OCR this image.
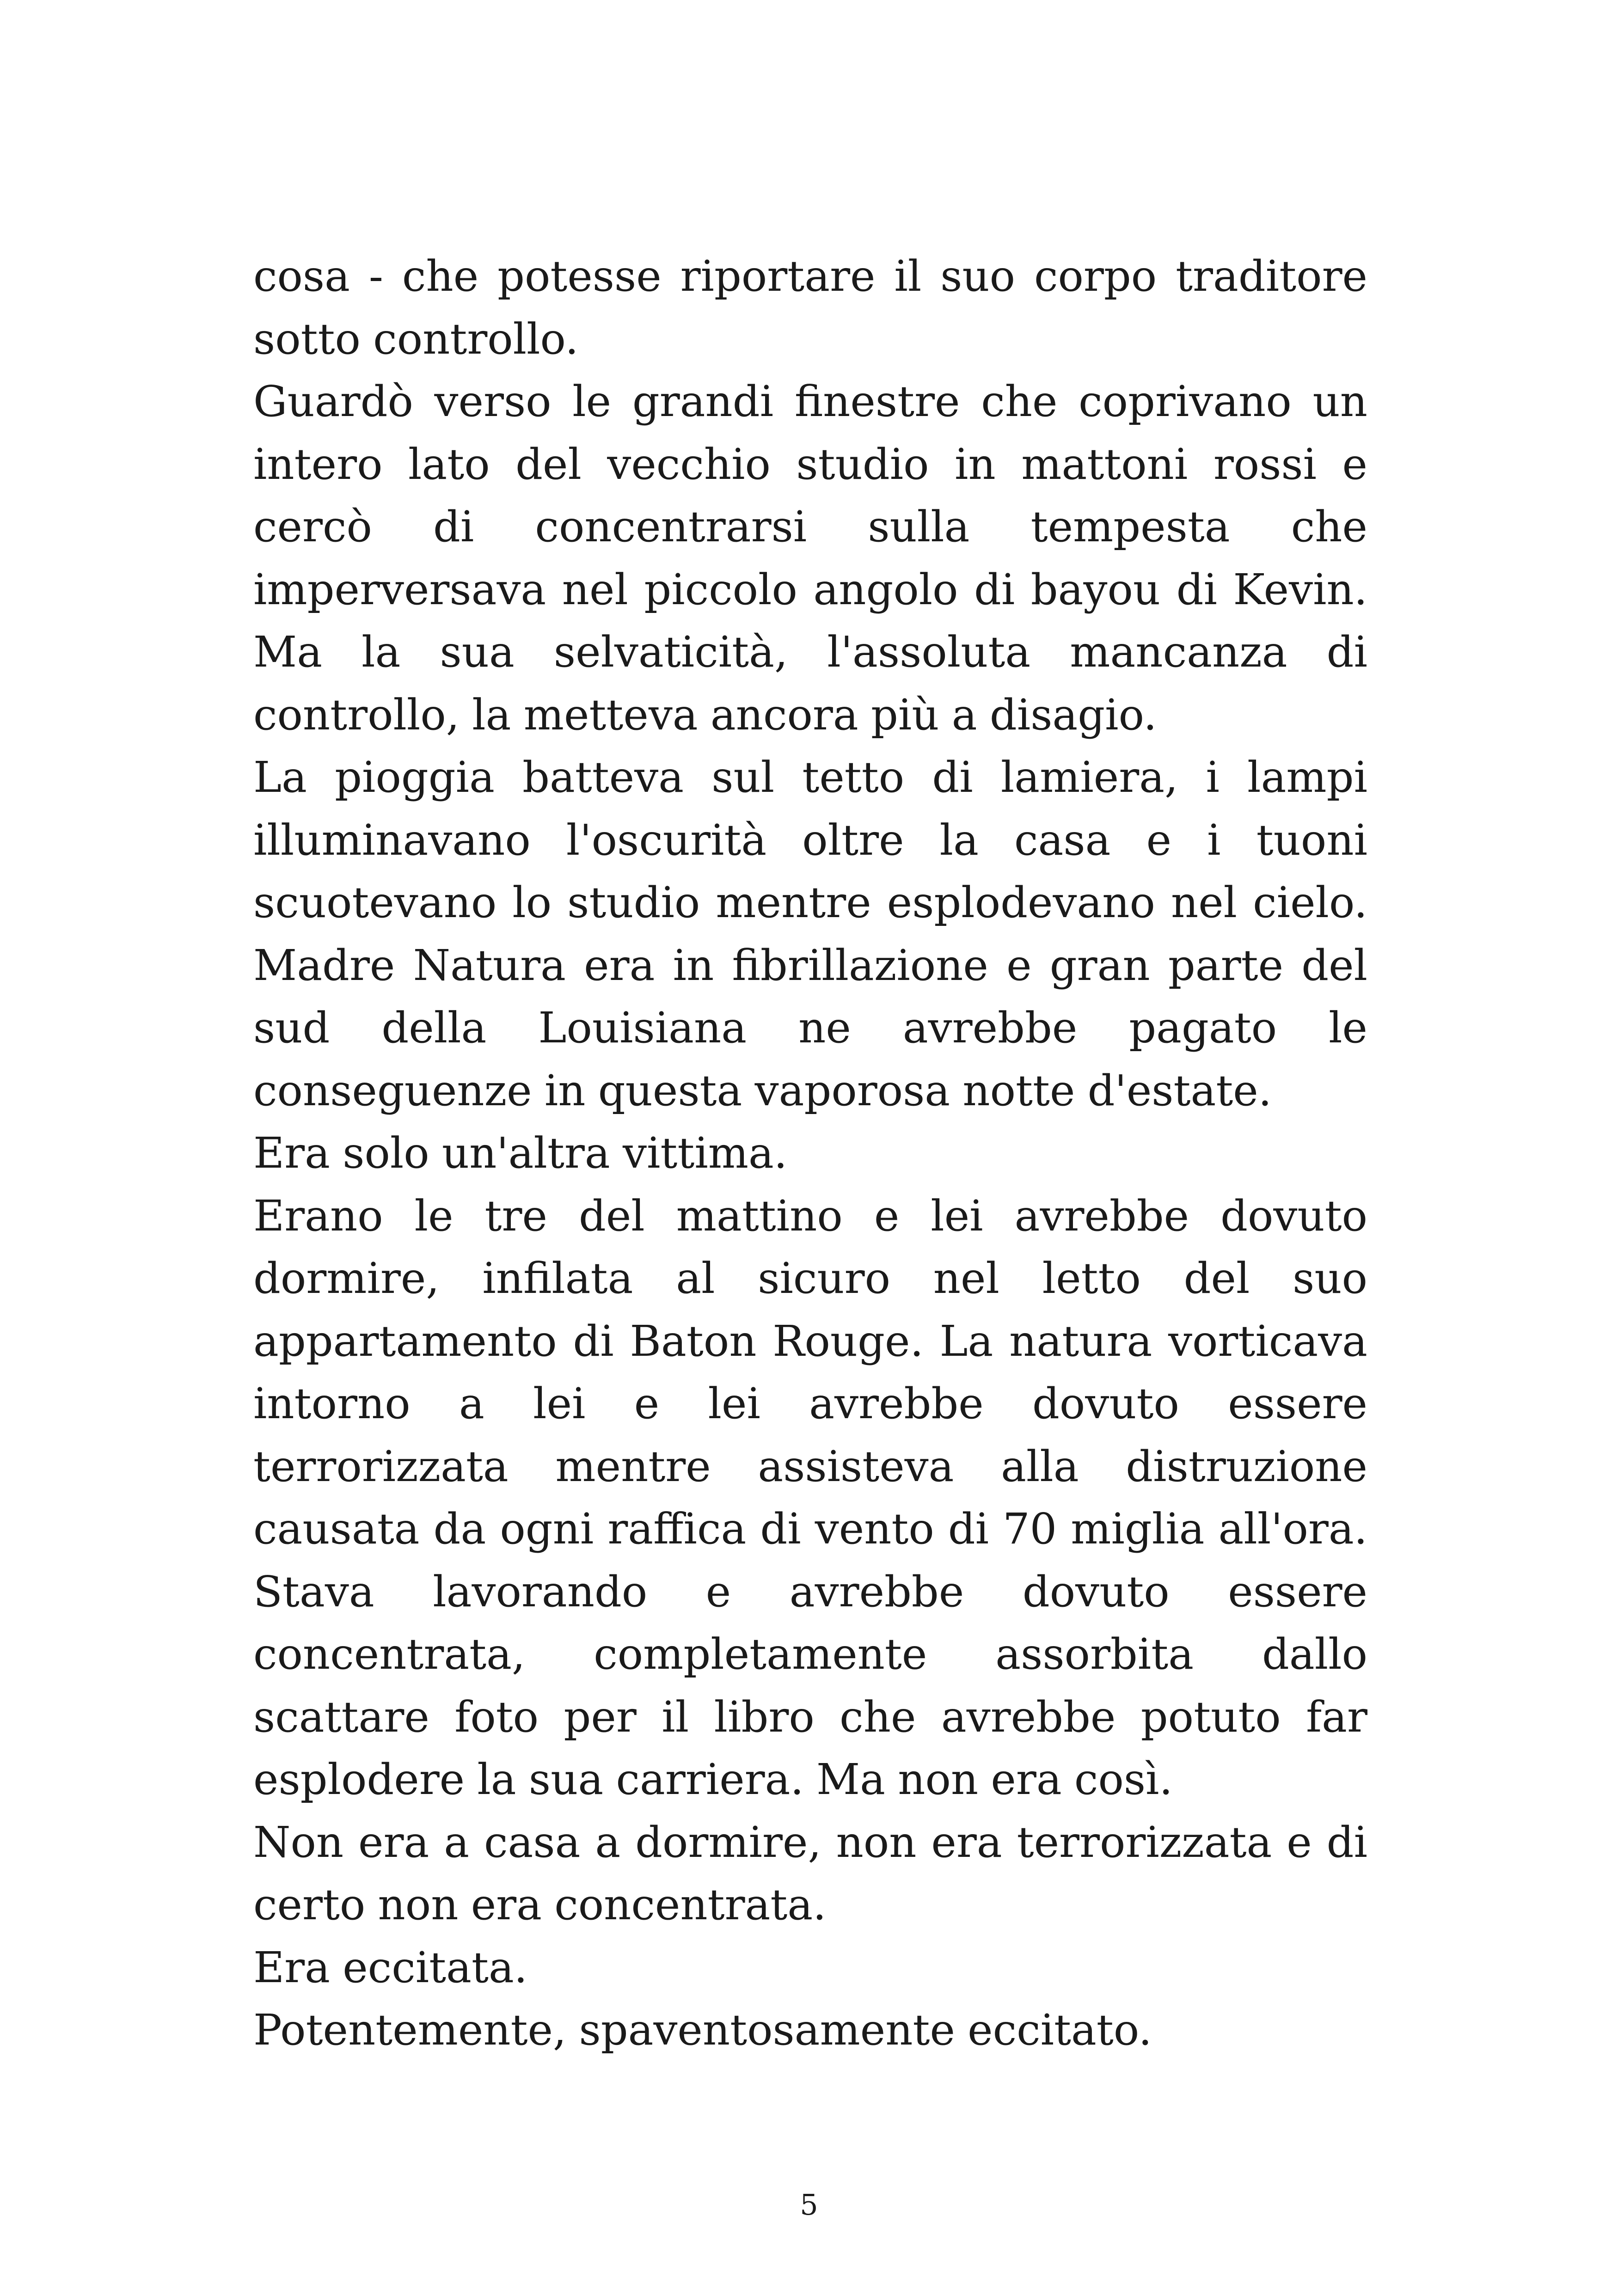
cosa - che potesse riportare il suo corpo traditore sotto controllo.

Guardò verso le grandi finestre che coprivano un intero lato del vecchio studio in mattoni rossi e cercò di concentrarsi sulla tempesta che imperversava nel piccolo angolo di bayou di Kevin. Ma la sua selvaticità, l'assoluta mancanza di controllo, la metteva ancora più a disagio.

La pioggia batteva sul tetto di lamiera, i lampi illuminavano l'oscurità oltre la casa e i tuoni scuotevano lo studio mentre esplodevano nel cielo. Madre Natura era in fibrillazione e gran parte del sud della Louisiana ne avrebbe pagato le conseguenze in questa vaporosa notte d'estate.

Era solo un'altra vittima.

Erano le tre del mattino e lei avrebbe dovuto dormire, infilata al sicuro nel letto del suo appartamento di Baton Rouge. La natura vorticava intorno a lei e lei avrebbe dovuto essere terrorizzata mentre assisteva alla distruzione causata da ogni raffica di vento di 70 miglia all'ora. Stava lavorando e avrebbe dovuto essere concentrata, completamente assorbita dallo scattare foto per il libro che avrebbe potuto far esplodere la sua carriera. Ma non era così.

Non era a casa a dormire, non era terrorizzata e di certo non era concentrata.

Era eccitata.

Potentemente, spaventosamente eccitato.

5
